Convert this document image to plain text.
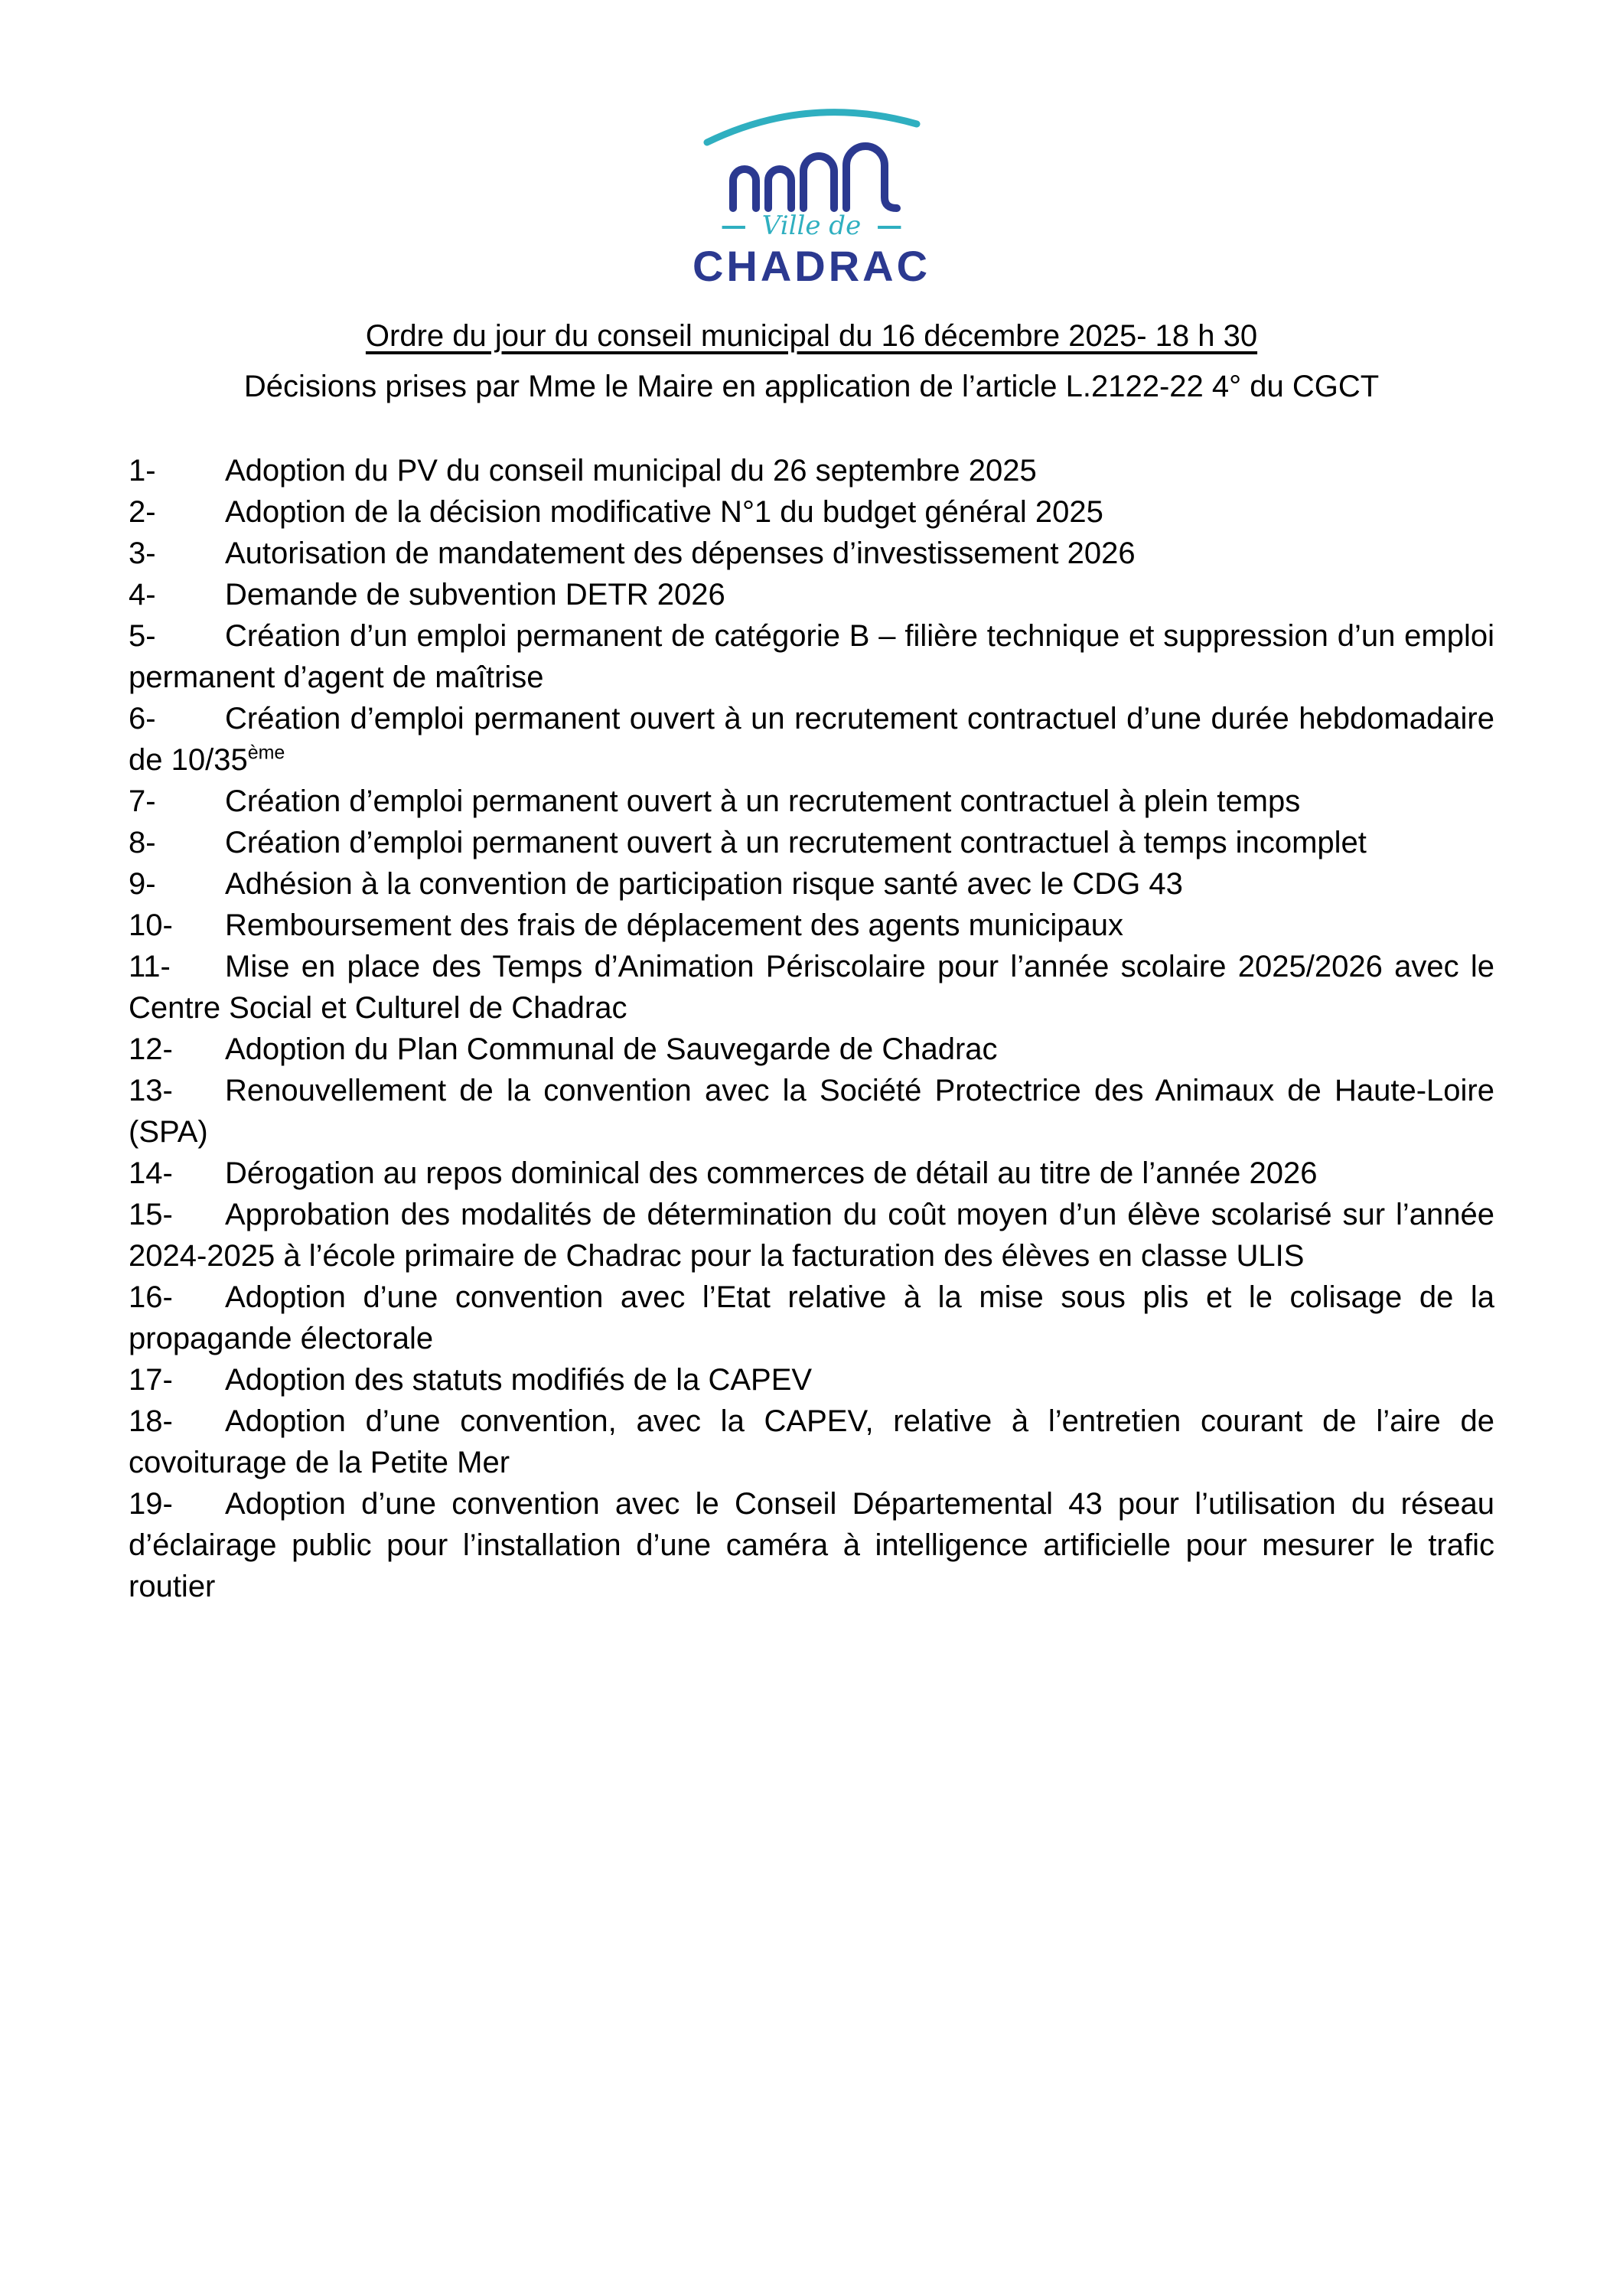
— Ville de —
CHADRAC
Ordre du jour du conseil municipal du 16 décembre 2025- 18 h 30
Décisions prises par Mme le Maire en application de l’article L.2122-22 4° du CGCT

1- Adoption du PV du conseil municipal du 26 septembre 2025

2- Adoption de la décision modificative N°1 du budget général 2025

3- Autorisation de mandatement des dépenses d’investissement 2026

4- Demande de subvention DETR 2026

5- Création d’un emploi permanent de catégorie B – filière technique et suppression d’un emploi permanent d’agent de maîtrise

6- Création d’emploi permanent ouvert à un recrutement contractuel d’une durée hebdomadaire de 10/35ème

7- Création d’emploi permanent ouvert à un recrutement contractuel à plein temps

8- Création d’emploi permanent ouvert à un recrutement contractuel à temps incomplet

9- Adhésion à la convention de participation risque santé avec le CDG 43

10- Remboursement des frais de déplacement des agents municipaux

11- Mise en place des Temps d’Animation Périscolaire pour l’année scolaire 2025/2026 avec le Centre Social et Culturel de Chadrac

12- Adoption du Plan Communal de Sauvegarde de Chadrac

13- Renouvellement de la convention avec la Société Protectrice des Animaux de Haute-Loire (SPA)

14- Dérogation au repos dominical des commerces de détail au titre de l’année 2026

15- Approbation des modalités de détermination du coût moyen d’un élève scolarisé sur l’année 2024-2025 à l’école primaire de Chadrac pour la facturation des élèves en classe ULIS

16- Adoption d’une convention avec l’Etat relative à la mise sous plis et le colisage de la propagande électorale

17- Adoption des statuts modifiés de la CAPEV

18- Adoption d’une convention, avec la CAPEV, relative à l’entretien courant de l’aire de covoiturage de la Petite Mer

19- Adoption d’une convention avec le Conseil Départemental 43 pour l’utilisation du réseau d’éclairage public pour l’installation d’une caméra à intelligence artificielle pour mesurer le trafic routier
